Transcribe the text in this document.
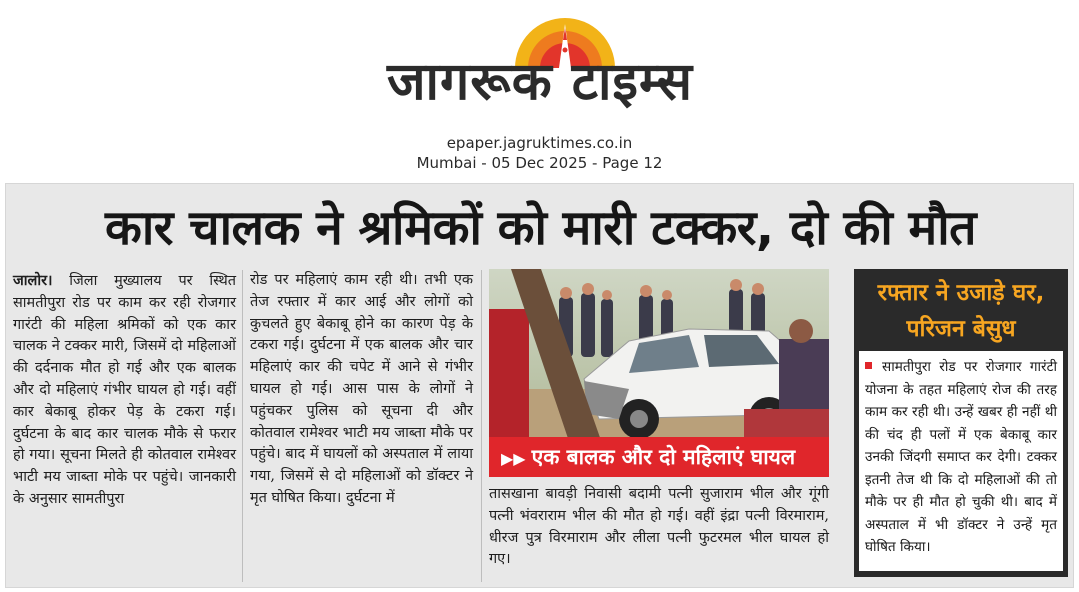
जागरूक टाइम्स
epaper.jagruktimes.co.in
Mumbai - 05 Dec 2025 - Page 12
कार चालक ने श्रमिकों को मारी टक्कर, दो की मौत
जालोर। जिला मुख्यालय पर स्थित सामतीपुरा रोड पर काम कर रही रोजगार गारंटी की महिला श्रमिकों को एक कार चालक ने टक्कर मारी, जिसमें दो महिलाओं की दर्दनाक मौत हो गई और एक बालक और दो महिलाएं गंभीर घायल हो गई। वहीं कार बेकाबू होकर पेड़ के टकरा गई। दुर्घटना के बाद कार चालक मौके से फरार हो गया। सूचना मिलते ही कोतवाल रामेश्वर भाटी मय जाब्ता मोके पर पहुंचे। जानकारी के अनुसार सामतीपुरा
रोड पर महिलाएं काम रही थी। तभी एक तेज रफ्तार में कार आई और लोगों को कुचलते हुए बेकाबू होने का कारण पेड़ के टकरा गई। दुर्घटना में एक बालक और चार महिलाएं कार की चपेट में आने से गंभीर घायल हो गई। आस पास के लोगों ने पहुंचकर पुलिस को सूचना दी और कोतवाल रामेश्वर भाटी मय जाब्ता मौके पर पहुंचे। बाद में घायलों को अस्पताल में लाया गया, जिसमें से दो महिलाओं को डॉक्टर ने मृत घोषित किया। दुर्घटना में
▶▶ एक बालक और दो महिलाएं घायल
तासखाना बावड़ी निवासी बदामी पत्नी सुजाराम भील और गूंगी पत्नी भंवराराम भील की मौत हो गई। वहीं इंद्रा पत्नी विरमाराम, धीरज पुत्र विरमाराम और लीला पत्नी फुटरमल भील घायल हो गए।
रफ्तार ने उजाड़े घर,
परिजन बेसुध
सामतीपुरा रोड पर रोजगार गारंटी योजना के तहत महिलाएं रोज की तरह काम कर रही थी। उन्हें खबर ही नहीं थी की चंद ही पलों में एक बेकाबू कार उनकी जिंदगी समाप्त कर देगी। टक्कर इतनी तेज थी कि दो महिलाओं की तो मौके पर ही मौत हो चुकी थी। बाद में अस्पताल में भी डॉक्टर ने उन्हें मृत घोषित किया।
